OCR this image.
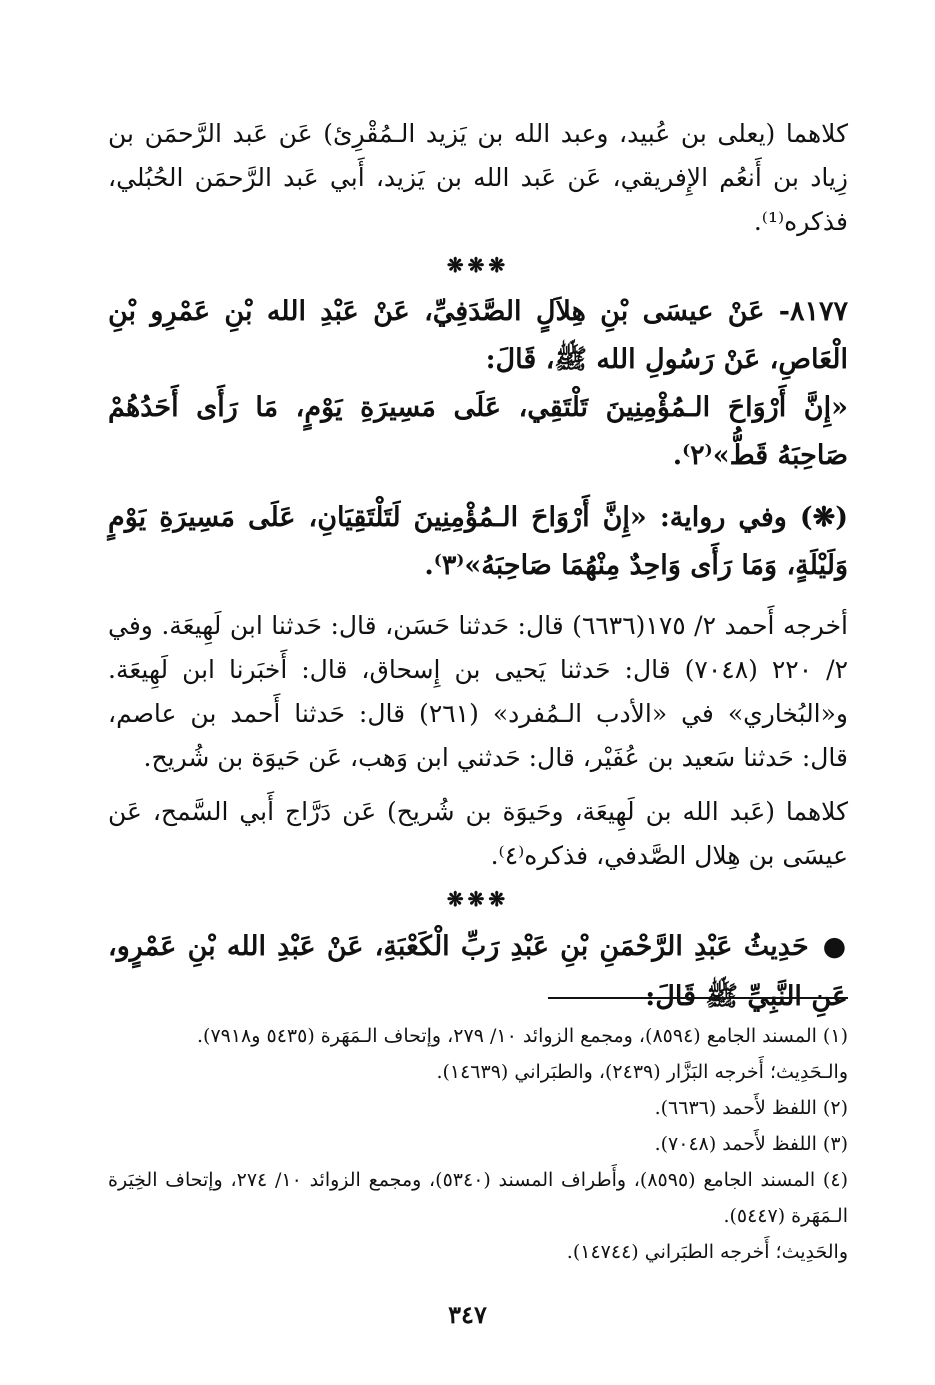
كلاهما (يعلى بن عُبيد، وعبد الله بن يَزيد الـمُقْرِئ) عَن عَبد الرَّحمَن بن زِياد بن أَنعُم الإِفريقي، عَن عَبد الله بن يَزيد، أَبي عَبد الرَّحمَن الحُبُلي، فذكره⁽¹⁾.

❋❋❋

٨١٧٧- عَنْ عيسَى بْنِ هِلاَلٍ الصَّدَفِيِّ، عَنْ عَبْدِ الله بْنِ عَمْرِو بْنِ الْعَاصِ، عَنْ رَسُولِ الله ﷺ، قَالَ:

«إِنَّ أَرْوَاحَ الـمُؤْمِنِينَ تَلْتَقِي، عَلَى مَسِيرَةِ يَوْمٍ، مَا رَأَى أَحَدُهُمْ صَاحِبَهُ قَطُّ»⁽٢⁾.

(❋) وفي رواية: «إِنَّ أَرْوَاحَ الـمُؤْمِنِينَ لَتَلْتَقِيَانِ، عَلَى مَسِيرَةِ يَوْمٍ وَلَيْلَةٍ، وَمَا رَأَى وَاحِدٌ مِنْهُمَا صَاحِبَهُ»⁽٣⁾.

أخرجه أَحمد ٢/ ١٧٥(٦٦٣٦) قال: حَدثنا حَسَن، قال: حَدثنا ابن لَهِيعَة. وفي ٢/ ٢٢٠ (٧٠٤٨) قال: حَدثنا يَحيى بن إِسحاق، قال: أَخبَرنا ابن لَهِيعَة. و«البُخاري» في «الأدب الـمُفرد» (٢٦١) قال: حَدثنا أَحمد بن عاصم، قال: حَدثنا سَعيد بن عُفَيْر، قال: حَدثني ابن وَهب، عَن حَيوَة بن شُريح.

كلاهما (عَبد الله بن لَهِيعَة، وحَيوَة بن شُريح) عَن دَرَّاج أَبي السَّمح، عَن عيسَى بن هِلال الصَّدفي، فذكره⁽٤⁾.

❋❋❋

●حَدِيثُ عَبْدِ الرَّحْمَنِ بْنِ عَبْدِ رَبِّ الْكَعْبَةِ، عَنْ عَبْدِ الله بْنِ عَمْرٍو، عَنِ النَّبِيِّ ﷺ قَالَ:

(١) المسند الجامع (٨٥٩٤)، ومجمع الزوائد ١٠/ ٢٧٩، وإتحاف الـمَهَرة (٥٤٣٥ و٧٩١٨).

والـحَدِيث؛ أَخرجه البَزَّار (٢٤٣٩)، والطبَراني (١٤٦٣٩).

(٢) اللفظ لأَحمد (٦٦٣٦).

(٣) اللفظ لأَحمد (٧٠٤٨).

(٤) المسند الجامع (٨٥٩٥)، وأَطراف المسند (٥٣٤٠)، ومجمع الزوائد ١٠/ ٢٧٤، وإتحاف الخِيَرة الـمَهَرة (٥٤٤٧).

والحَدِيث؛ أَخرجه الطبَراني (١٤٧٤٤).

٣٤٧
